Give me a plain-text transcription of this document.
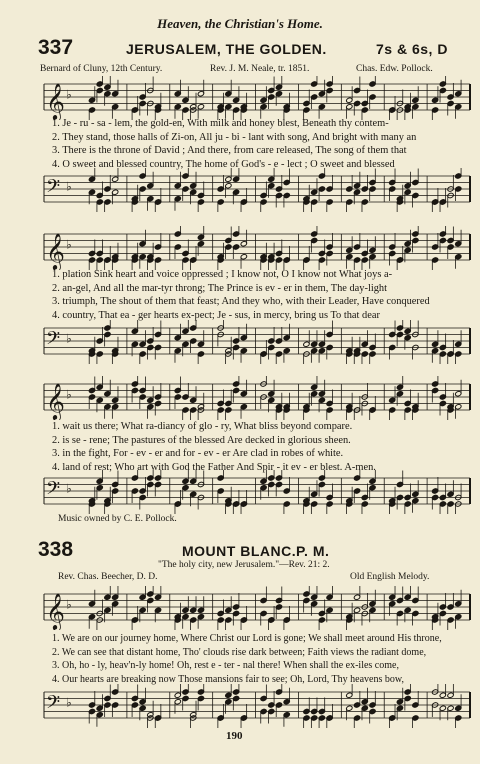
Heaven, the Christian's Home.
337	JERUSALEM, THE GOLDEN.	7s & 6s, D
Bernard of Cluny, 12th Century.	Rev. J. M. Neale, tr. 1851.	Chas. Edw. Pollock.
𝄞 ♭
1. Je - ru - sa - lem, the gold-en, With milk and honey blest, Beneath thy contem-
2. They stand, those halls of Zi-on, All ju - bi - lant with song, And bright with many an
3. There is the throne of David ; And there, from care released, The song of them that
4. O sweet and blessed country, The home of God's - e - lect ; O sweet and blessed
𝄢 ♭
𝄞 ♭
1. plation Sink heart and voice oppressed ; I know not, O I know not What joys a-
2. an-gel, And all the mar-tyr throng; The Prince is ev - er in them, The day-light
3. triumph, The shout of them that feast; And they who, with their Leader, Have conquered
4. country, That ea - ger hearts ex-pect; Je - sus, in mercy, bring us To that dear
𝄢 ♭
𝄞 ♭
1. wait us there; What ra-diancy of glo - ry, What bliss beyond compare.
2. is se - rene; The pastures of the blessed Are decked in glorious sheen.
3. in the fight, For - ev - er and for - ev - er Are clad in robes of white.
4. land of rest; Who art with God the Father And Spir - it ev - er blest. A-men.
𝄢 ♭
Music owned by C. E. Pollock.
338	MOUNT BLANC. P. M.
"The holy city, new Jerusalem."—Rev. 21: 2.
Rev. Chas. Beecher, D. D.	Old English Melody.
𝄞 ♭
1. We are on our journey home, Where Christ our Lord is gone; We shall meet around His throne,
2. We can see that distant home, Tho' clouds rise dark between; Faith views the radiant dome,
3. Oh, ho - ly, heav'n-ly home! Oh, rest e - ter - nal there! When shall the ex-iles come,
4. Our hearts are breaking now Those mansions fair to see; Oh, Lord, Thy heavens bow,
𝄢 ♭
190
